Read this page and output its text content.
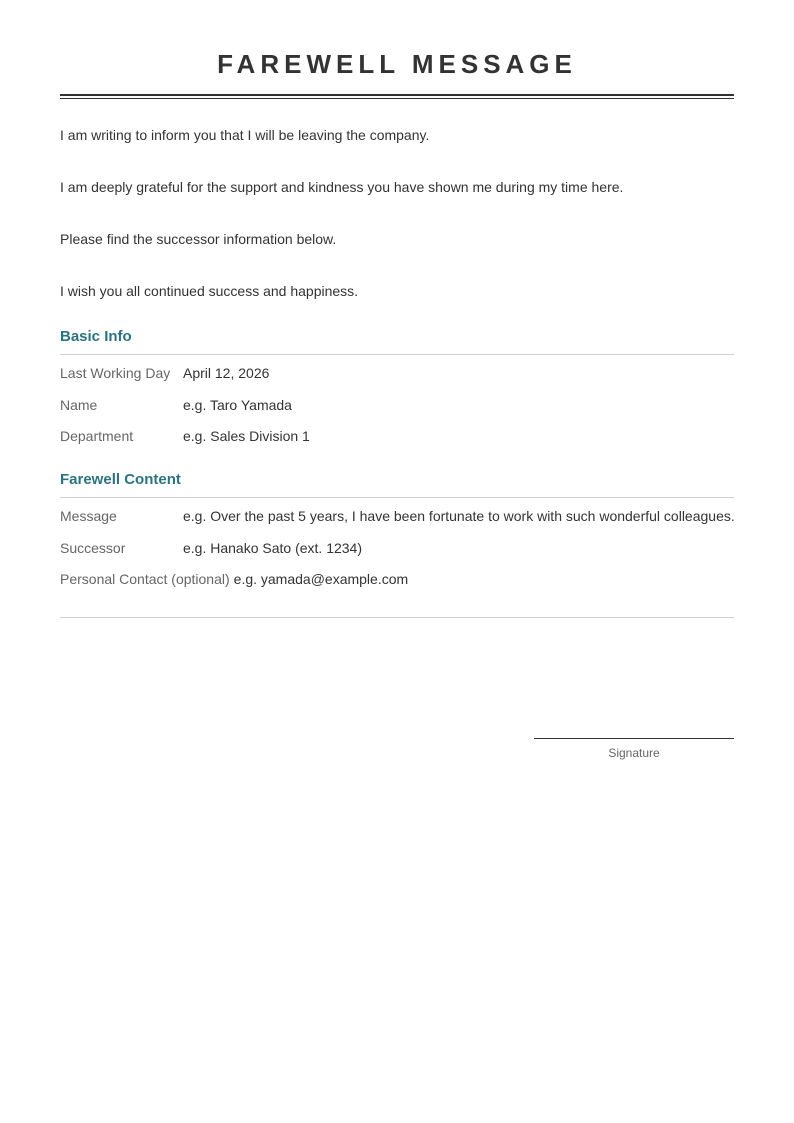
FAREWELL MESSAGE

I am writing to inform you that I will be leaving the company.

I am deeply grateful for the support and kindness you have shown me during my time here.

Please find the successor information below.

I wish you all continued success and happiness.

Basic Info
Last Working Day April 12, 2026
Name	e.g. Taro Yamada
Department	e.g. Sales Division 1
Farewell Content
Message	e.g. Over the past 5 years, I have been fortunate to work with such wonderful colleagues.
Successor	e.g. Hanako Sato (ext. 1234)
Personal Contact (optional) e.g. yamada@example.com
Signature
